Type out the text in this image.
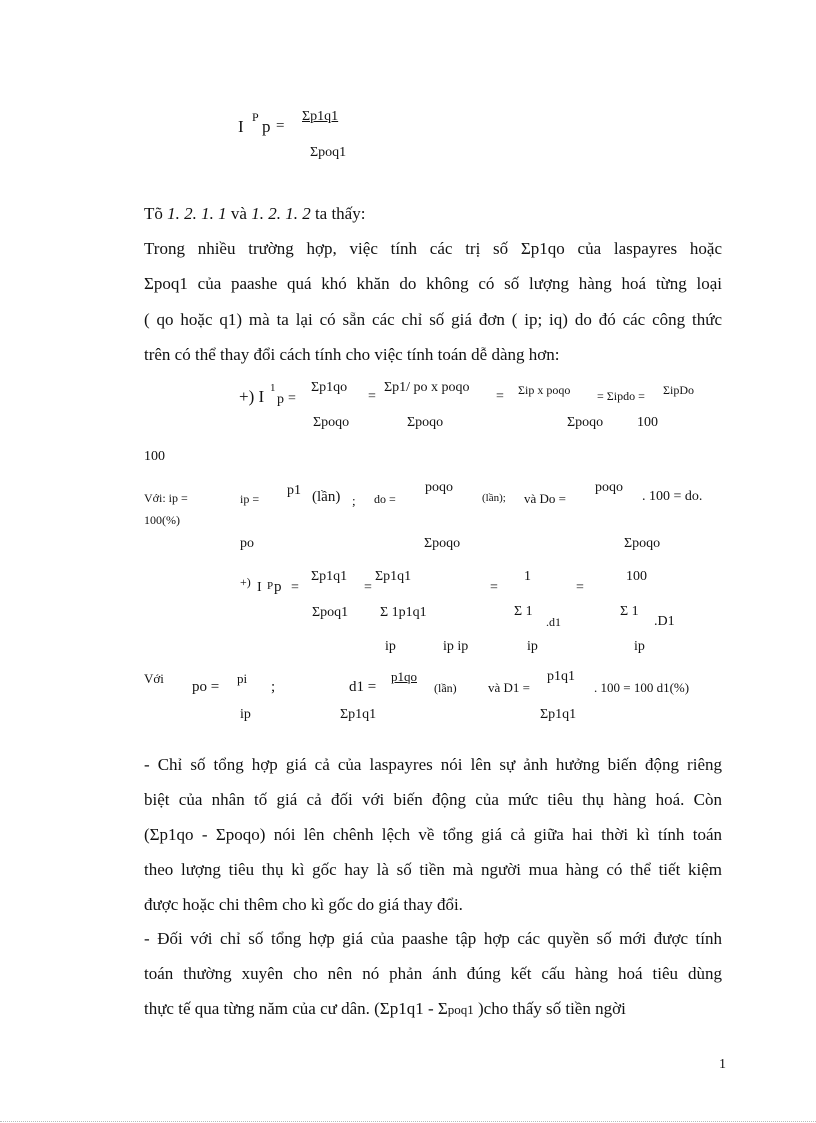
I P p =
Σp1q1
Σpoq1
Tõ 1. 2. 1. 1 và 1. 2. 1. 2 ta thấy:
Trong nhiều trường hợp, việc tính các trị số Σp1qo của laspayres hoặc
Σpoq1 của paashe quá khó khăn do không có số lượng hàng hoá từng loại
( qo hoặc q1) mà ta lại có sẵn các chỉ số giá đơn ( ip; iq) do đó các công thức
trên có thể thay đổi cách tính cho việc tính toán dễ dàng hơn:
+) I 1
p =
Σp1qo
Σpoqo
=
Σp1/ po x poqo
Σpoqo
= Σip x poqo
Σpoqo
= Σipdo = ΣipDo
100
100
Với: ip =
100(%)
ip =
p1 (lần) ; do =
poqo
(lần); và Do =
poqo
. 100 = do.
po	Σpoqo	Σpoqo
+) I P p =
Σp1q1
Σpoq1
=
Σp1q1
Σ 1p1q1
ip	ip ip
=
1
Σ 1
.d1
ip
=
100
Σ 1
.D1
ip
Với
po =
pi
ip
;	d1 =
p1qo
(lần)
Σp1q1
và D1 =
p1q1
. 100 = 100 d1(%)
Σp1q1
- Chỉ số tổng hợp giá cả của laspayres nói lên sự ảnh hưởng biến động riêng
biệt của nhân tố giá cả đối với biến động của mức tiêu thụ hàng hoá. Còn
(Σp1qo - Σpoqo) nói lên chênh lệch về tổng giá cả giữa hai thời kì tính toán
theo lượng tiêu thụ kì gốc hay là số tiền mà người mua hàng có thể tiết kiệm
được hoặc chi thêm cho kì gốc do giá thay đổi.
- Đối với chỉ số tổng hợp giá của paashe tập hợp các quyền số mới được tính
toán thường xuyên cho nên nó phản ánh đúng kết cấu hàng hoá tiêu dùng
thực tế qua từng năm của cư dân. (Σp1q1 - Σpoq1 )cho thấy số tiền ngời
1
